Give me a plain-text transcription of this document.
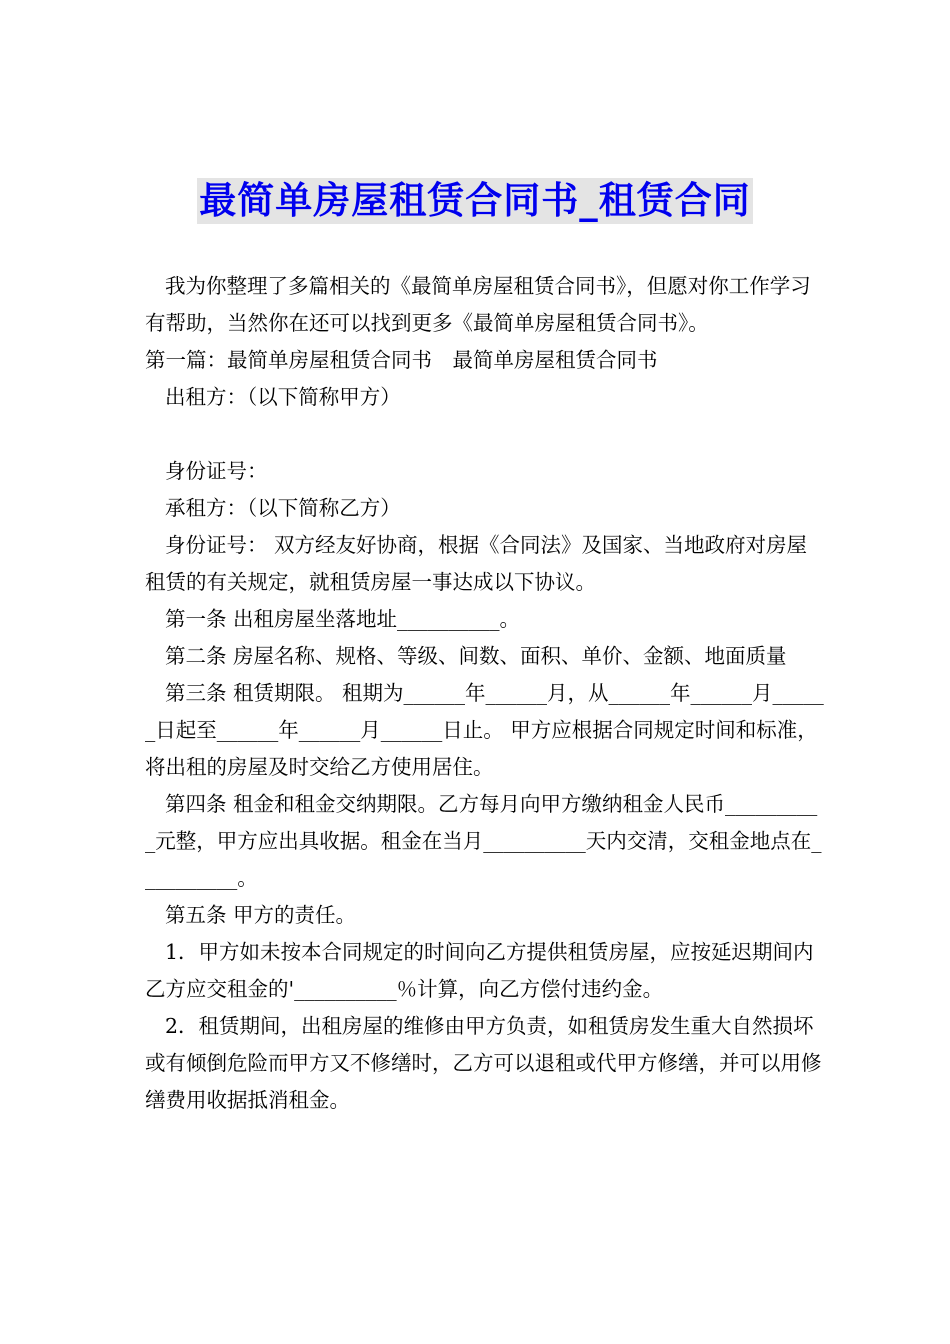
最简单房屋租赁合同书_租赁合同

我为你整理了多篇相关的《最简单房屋租赁合同书》，但愿对你工作学习有帮助，当然你在还可以找到更多《最简单房屋租赁合同书》。

第一篇：最简单房屋租赁合同书　最简单房屋租赁合同书

出租方：（以下简称甲方）

身份证号：

承租方：（以下简称乙方）

身份证号： 双方经友好协商，根据《合同法》及国家、当地政府对房屋租赁的有关规定，就租赁房屋一事达成以下协议。

第一条 出租房屋坐落地址__________。

第二条 房屋名称、规格、等级、间数、面积、单价、金额、地面质量

第三条 租赁期限。 租期为______年______月，从______年______月______日起至______年______月______日止。 甲方应根据合同规定时间和标准，将出租的房屋及时交给乙方使用居住。

第四条 租金和租金交纳期限。乙方每月向甲方缴纳租金人民币__________元整，甲方应出具收据。租金在当月__________天内交清，交租金地点在__________。

第五条 甲方的责任。

1．甲方如未按本合同规定的时间向乙方提供租赁房屋，应按延迟期间内乙方应交租金的'__________％计算，向乙方偿付违约金。

2．租赁期间，出租房屋的维修由甲方负责，如租赁房发生重大自然损坏或有倾倒危险而甲方又不修缮时，乙方可以退租或代甲方修缮，并可以用修缮费用收据抵消租金。
